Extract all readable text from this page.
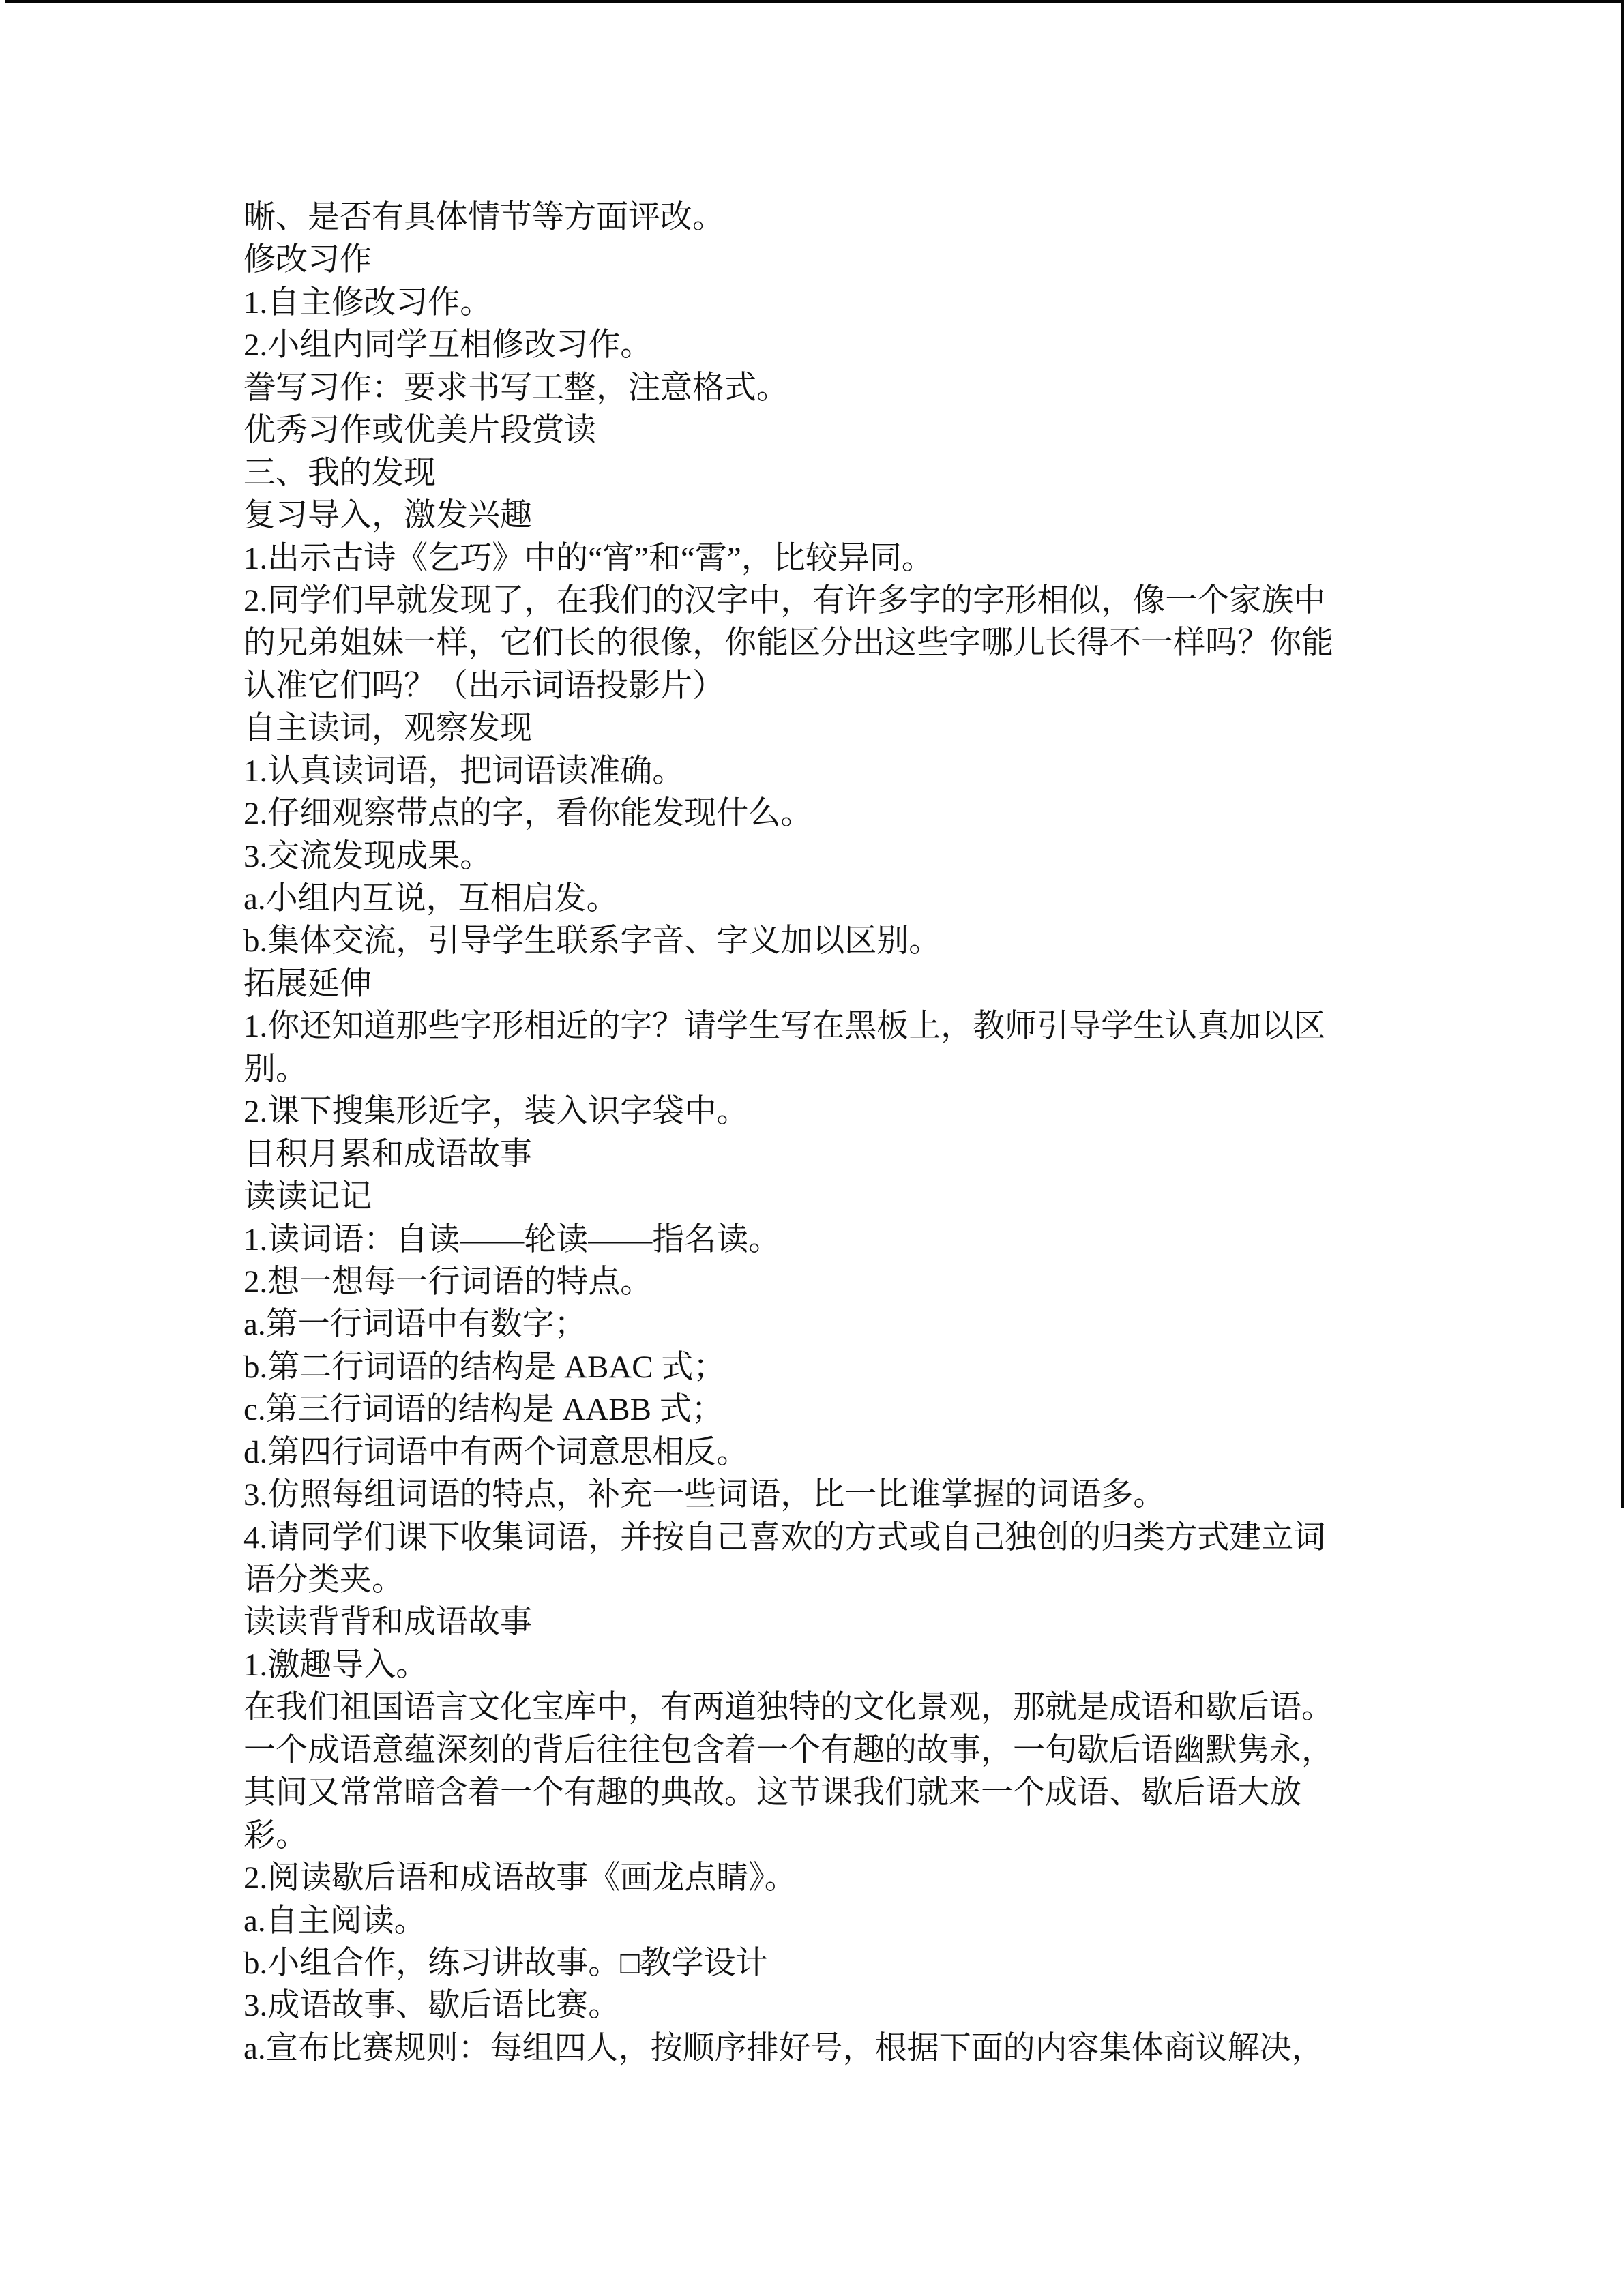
晰、是否有具体情节等方面评改。
修改习作
1.自主修改习作。
2.小组内同学互相修改习作。
誊写习作：要求书写工整，注意格式。
优秀习作或优美片段赏读
三、我的发现
复习导入，激发兴趣
1.出示古诗《乞巧》中的“宵”和“霄”，比较异同。
2.同学们早就发现了，在我们的汉字中，有许多字的字形相似，像一个家族中
的兄弟姐妹一样，它们长的很像，你能区分出这些字哪儿长得不一样吗？你能
认准它们吗？（出示词语投影片）
自主读词，观察发现
1.认真读词语，把词语读准确。
2.仔细观察带点的字，看你能发现什么。
3.交流发现成果。
a.小组内互说，互相启发。
b.集体交流，引导学生联系字音、字义加以区别。
拓展延伸
1.你还知道那些字形相近的字？请学生写在黑板上，教师引导学生认真加以区
别。
2.课下搜集形近字，装入识字袋中。
日积月累和成语故事
读读记记
1.读词语：自读——轮读——指名读。
2.想一想每一行词语的特点。
a.第一行词语中有数字；
b.第二行词语的结构是 ABAC 式；
c.第三行词语的结构是 AABB 式；
d.第四行词语中有两个词意思相反。
3.仿照每组词语的特点，补充一些词语，比一比谁掌握的词语多。
4.请同学们课下收集词语，并按自己喜欢的方式或自己独创的归类方式建立词
语分类夹。
读读背背和成语故事
1.激趣导入。
在我们祖国语言文化宝库中，有两道独特的文化景观，那就是成语和歇后语。
一个成语意蕴深刻的背后往往包含着一个有趣的故事，一句歇后语幽默隽永，
其间又常常暗含着一个有趣的典故。这节课我们就来一个成语、歇后语大放
彩。
2.阅读歇后语和成语故事《画龙点睛》。
a.自主阅读。
b.小组合作，练习讲故事。□教学设计
3.成语故事、歇后语比赛。
a.宣布比赛规则：每组四人，按顺序排好号，根据下面的内容集体商议解决，
